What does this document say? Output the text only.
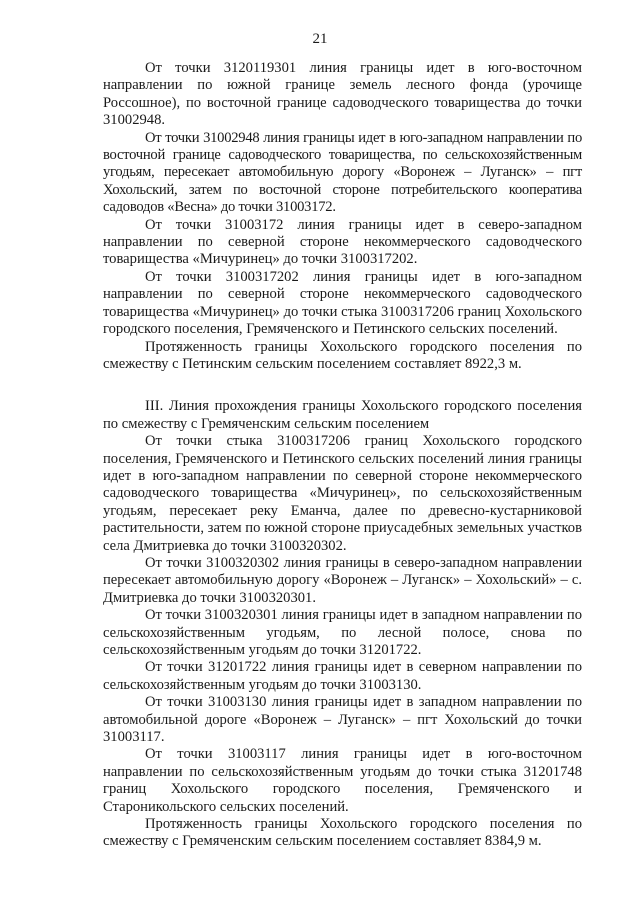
21

От точки 3120119301 линия границы идет в юго-восточном направлении по южной границе земель лесного фонда (урочище Россошное), по восточной границе садоводческого товарищества до точки 31002948.

От точки 31002948 линия границы идет в юго-западном направлении по восточной границе садоводческого товарищества, по сельскохозяйственным угодьям, пересекает автомобильную дорогу «Воронеж – Луганск» – пгт Хохольский, затем по восточной стороне потребительского кооператива садоводов «Весна» до точки 31003172.

От точки 31003172 линия границы идет в северо-западном направлении по северной стороне некоммерческого садоводческого товарищества «Мичуринец» до точки 3100317202.

От точки 3100317202 линия границы идет в юго-западном направлении по северной стороне некоммерческого садоводческого товарищества «Мичуринец» до точки стыка 3100317206 границ Хохольского городского поселения, Гремяченского и Петинского сельских поселений.

Протяженность границы Хохольского городского поселения по смежеству с Петинским сельским поселением составляет 8922,3 м.

III. Линия прохождения границы Хохольского городского поселения по смежеству с Гремяченским сельским поселением

От точки стыка 3100317206 границ Хохольского городского поселения, Гремяченского и Петинского сельских поселений линия границы идет в юго-западном направлении по северной стороне некоммерческого садоводческого товарищества «Мичуринец», по сельскохозяйственным угодьям, пересекает реку Еманча, далее по древесно-кустарниковой растительности, затем по южной стороне приусадебных земельных участков села Дмитриевка до точки 3100320302.

От точки 3100320302 линия границы в северо-западном направлении пересекает автомобильную дорогу «Воронеж – Луганск» – Хохольский» – с. Дмитриевка до точки 3100320301.

От точки 3100320301 линия границы идет в западном направлении по сельскохозяйственным угодьям, по лесной полосе, снова по сельскохозяйственным угодьям до точки 31201722.

От точки 31201722 линия границы идет в северном направлении по сельскохозяйственным угодьям до точки 31003130.

От точки 31003130 линия границы идет в западном направлении по автомобильной дороге «Воронеж – Луганск» – пгт Хохольский до точки 31003117.

От точки 31003117 линия границы идет в юго-восточном направлении по сельскохозяйственным угодьям до точки стыка 31201748 границ Хохольского городского поселения, Гремяченского и Староникольского сельских поселений.

Протяженность границы Хохольского городского поселения по смежеству с Гремяченским сельским поселением составляет 8384,9 м.
